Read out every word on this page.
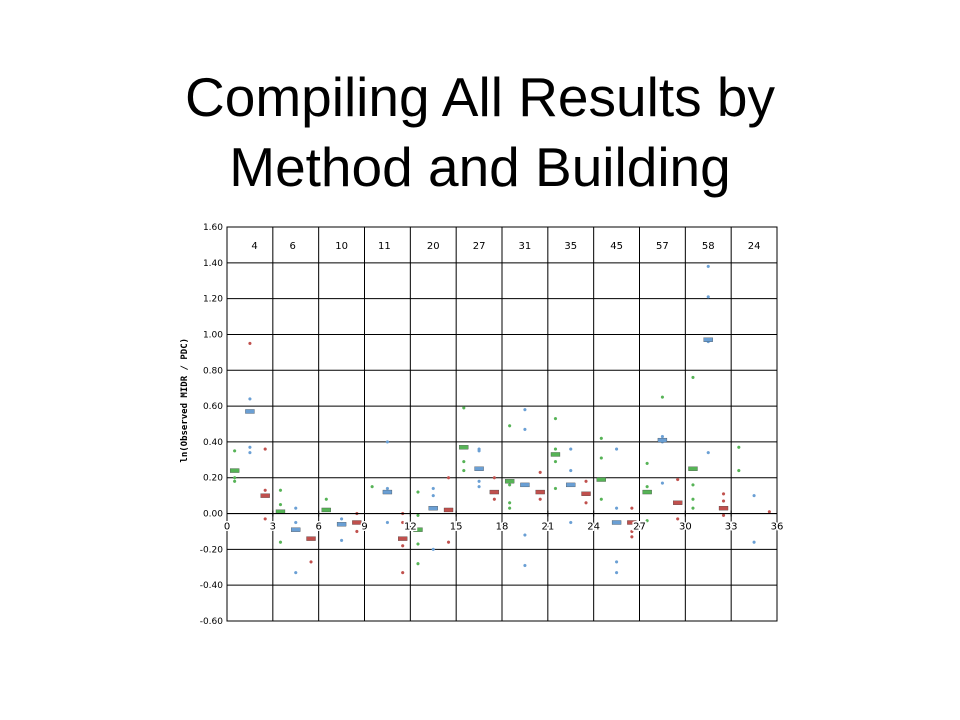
Compiling All Results by
Method and Building
4	6	10	11	20	27	31	35	45	57	58	24
1.60
1.40
1.20
1.00
0.80
0.60
0.40
0.20
0.00
-0.20
-0.40
-0.60
0	3	6	9	12	15	18	21	24	27	30	33	36
ln(Observed MIDR / PDC)
